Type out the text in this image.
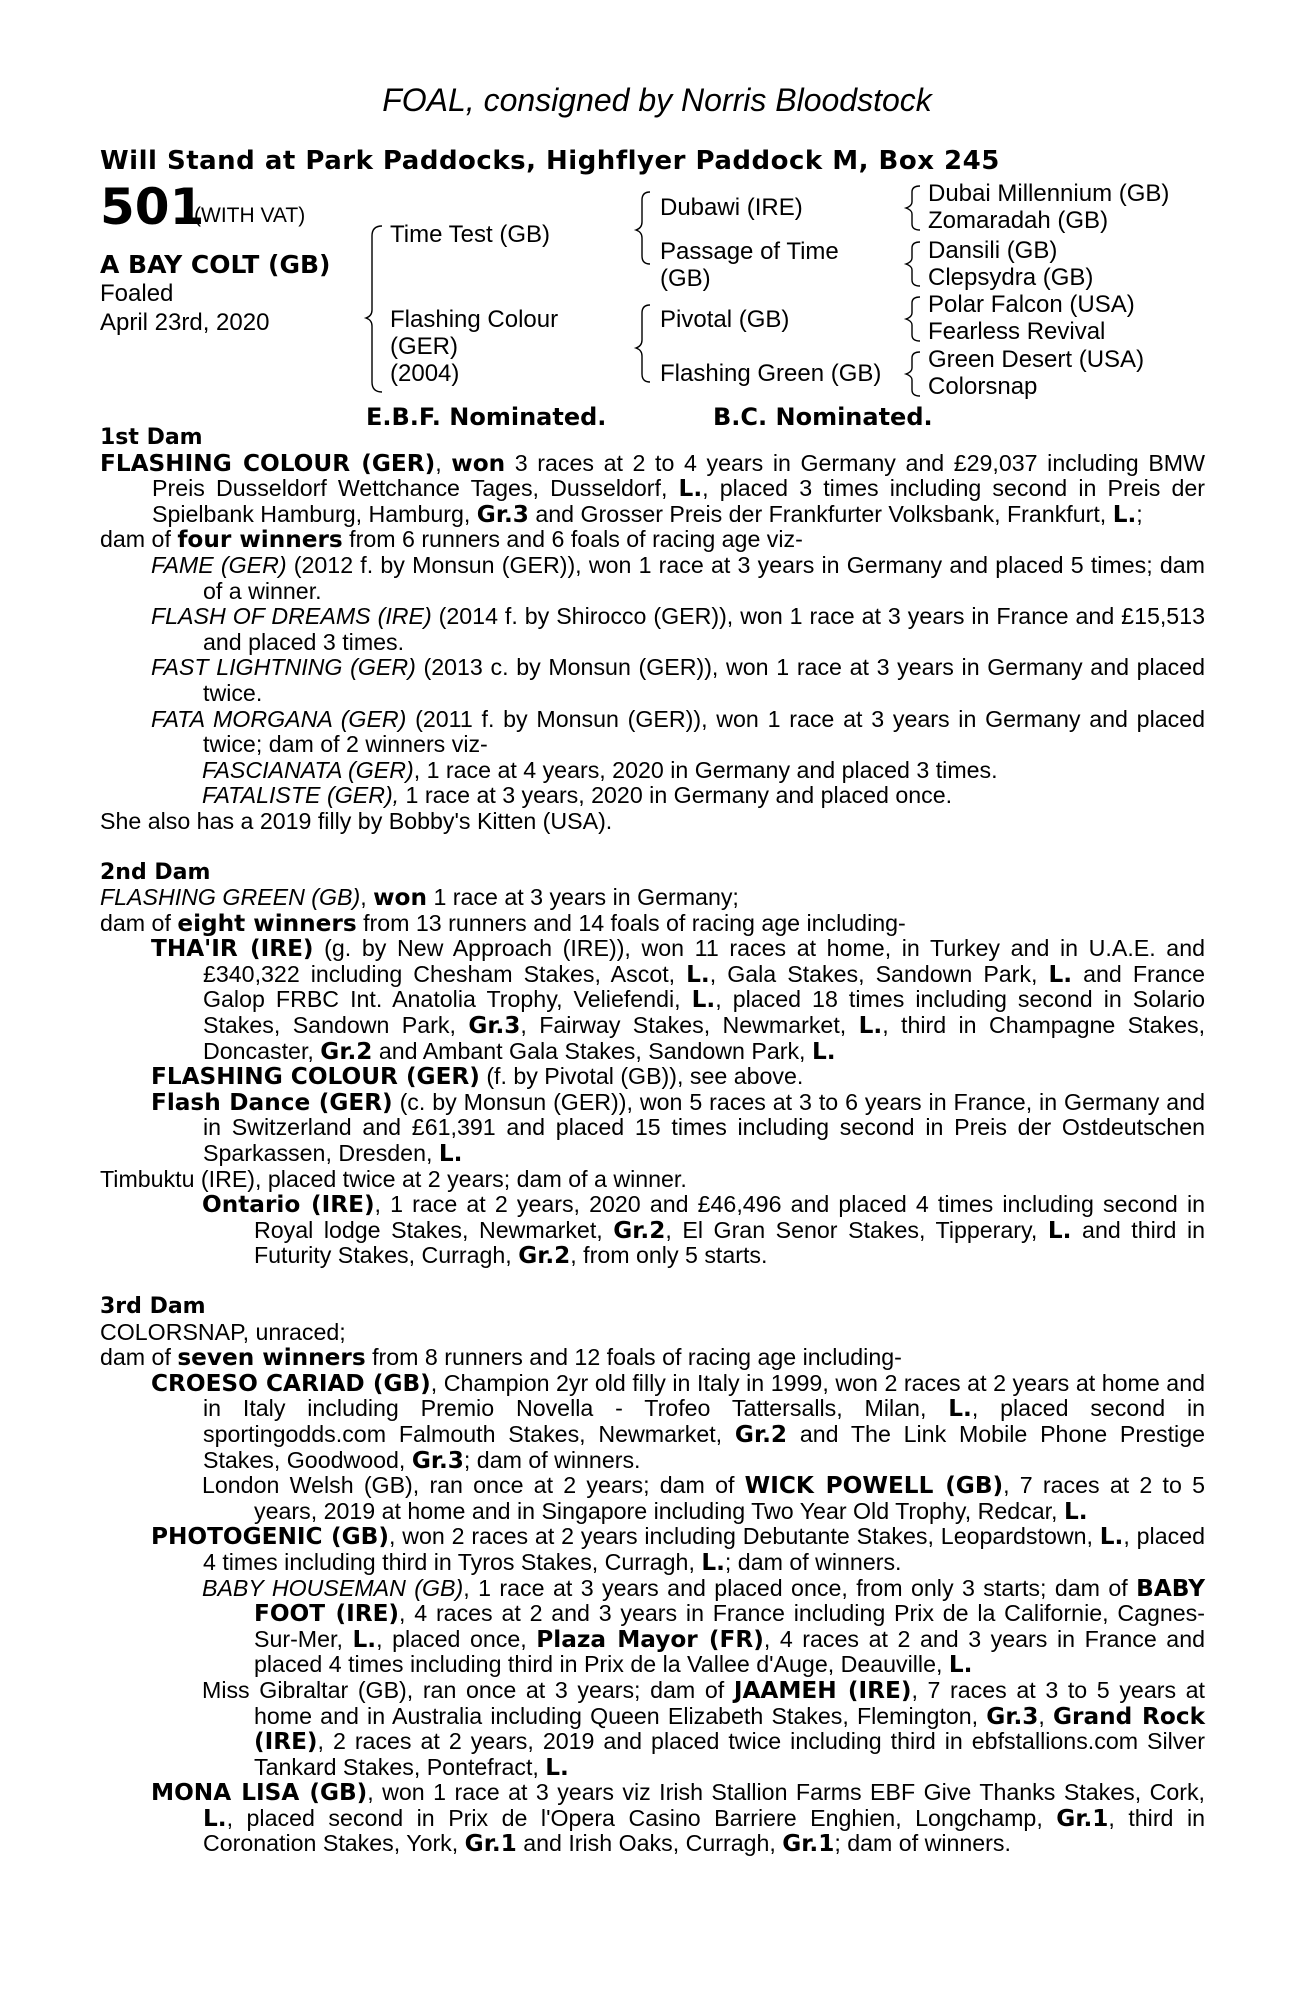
FOAL, consigned by Norris Bloodstock
Will Stand at Park Paddocks, Highflyer Paddock M, Box 245
501
(WITH VAT)
A BAY COLT (GB)
Foaled
April 23rd, 2020
Time Test (GB)
Flashing Colour
(GER)
(2004)
Dubawi (IRE)
Passage of Time
(GB)
Pivotal (GB)
Flashing Green (GB)
Dubai Millennium (GB)
Zomaradah (GB)
Dansili (GB)
Clepsydra (GB)
Polar Falcon (USA)
Fearless Revival
Green Desert (USA)
Colorsnap
E.B.F. Nominated.	B.C. Nominated.
1st Dam

FLASHING COLOUR (GER), won 3 races at 2 to 4 years in Germany and £29,037 including BMW Preis Dusseldorf Wettchance Tages, Dusseldorf, L., placed 3 times including second in Preis der Spielbank Hamburg, Hamburg, Gr.3 and Grosser Preis der Frankfurter Volksbank, Frankfurt, L.;

dam of four winners from 6 runners and 6 foals of racing age viz-

FAME (GER) (2012 f. by Monsun (GER)), won 1 race at 3 years in Germany and placed 5 times; dam of a winner.

FLASH OF DREAMS (IRE) (2014 f. by Shirocco (GER)), won 1 race at 3 years in France and £15,513 and placed 3 times.

FAST LIGHTNING (GER) (2013 c. by Monsun (GER)), won 1 race at 3 years in Germany and placed twice.

FATA MORGANA (GER) (2011 f. by Monsun (GER)), won 1 race at 3 years in Germany and placed twice; dam of 2 winners viz-

FASCIANATA (GER), 1 race at 4 years, 2020 in Germany and placed 3 times.

FATALISTE (GER), 1 race at 3 years, 2020 in Germany and placed once.

She also has a 2019 filly by Bobby's Kitten (USA).

2nd Dam

FLASHING GREEN (GB), won 1 race at 3 years in Germany;

dam of eight winners from 13 runners and 14 foals of racing age including-

THA'IR (IRE) (g. by New Approach (IRE)), won 11 races at home, in Turkey and in U.A.E. and £340,322 including Chesham Stakes, Ascot, L., Gala Stakes, Sandown Park, L. and France Galop FRBC Int. Anatolia Trophy, Veliefendi, L., placed 18 times including second in Solario Stakes, Sandown Park, Gr.3, Fairway Stakes, Newmarket, L., third in Champagne Stakes, Doncaster, Gr.2 and Ambant Gala Stakes, Sandown Park, L.

FLASHING COLOUR (GER) (f. by Pivotal (GB)), see above.

Flash Dance (GER) (c. by Monsun (GER)), won 5 races at 3 to 6 years in France, in Germany and in Switzerland and £61,391 and placed 15 times including second in Preis der Ostdeutschen Sparkassen, Dresden, L.

Timbuktu (IRE), placed twice at 2 years; dam of a winner.

Ontario (IRE), 1 race at 2 years, 2020 and £46,496 and placed 4 times including second in Royal lodge Stakes, Newmarket, Gr.2, El Gran Senor Stakes, Tipperary, L. and third in Futurity Stakes, Curragh, Gr.2, from only 5 starts.

3rd Dam

COLORSNAP, unraced;

dam of seven winners from 8 runners and 12 foals of racing age including-

CROESO CARIAD (GB), Champion 2yr old filly in Italy in 1999, won 2 races at 2 years at home and in Italy including Premio Novella - Trofeo Tattersalls, Milan, L., placed second in sportingodds.com Falmouth Stakes, Newmarket, Gr.2 and The Link Mobile Phone Prestige Stakes, Goodwood, Gr.3; dam of winners.

London Welsh (GB), ran once at 2 years; dam of WICK POWELL (GB), 7 races at 2 to 5 years, 2019 at home and in Singapore including Two Year Old Trophy, Redcar, L.

PHOTOGENIC (GB), won 2 races at 2 years including Debutante Stakes, Leopardstown, L., placed 4 times including third in Tyros Stakes, Curragh, L.; dam of winners.

BABY HOUSEMAN (GB), 1 race at 3 years and placed once, from only 3 starts; dam of BABY FOOT (IRE), 4 races at 2 and 3 years in France including Prix de la Californie, Cagnes-Sur-Mer, L., placed once, Plaza Mayor (FR), 4 races at 2 and 3 years in France and placed 4 times including third in Prix de la Vallee d'Auge, Deauville, L.

Miss Gibraltar (GB), ran once at 3 years; dam of JAAMEH (IRE), 7 races at 3 to 5 years at home and in Australia including Queen Elizabeth Stakes, Flemington, Gr.3, Grand Rock (IRE), 2 races at 2 years, 2019 and placed twice including third in ebfstallions.com Silver Tankard Stakes, Pontefract, L.

MONA LISA (GB), won 1 race at 3 years viz Irish Stallion Farms EBF Give Thanks Stakes, Cork, L., placed second in Prix de l'Opera Casino Barriere Enghien, Longchamp, Gr.1, third in Coronation Stakes, York, Gr.1 and Irish Oaks, Curragh, Gr.1; dam of winners.
